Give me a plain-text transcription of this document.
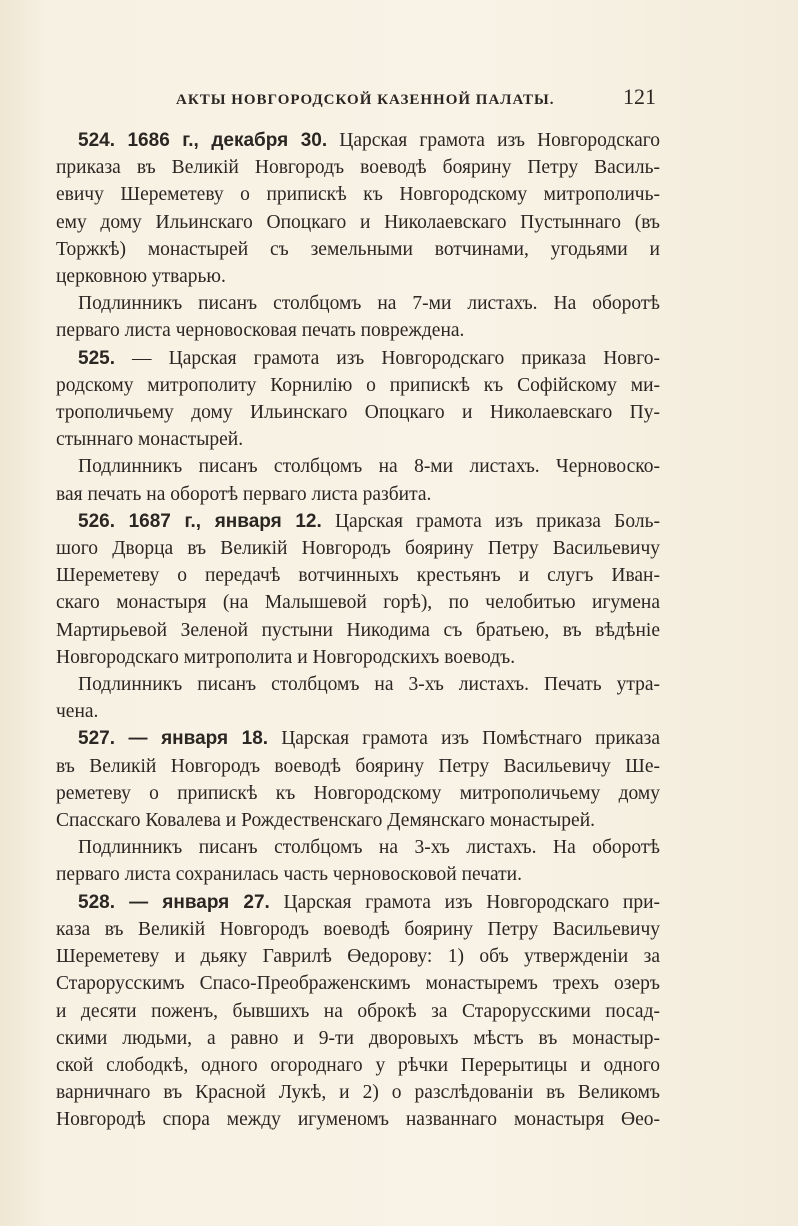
АКТЫ НОВГОРОДСКОЙ КАЗЕННОЙ ПАЛАТЫ.	121
524. 1686 г., декабря 30. Царская грамота изъ Новгородскаго
приказа въ Великій Новгородъ воеводѣ боярину Петру Василь-
евичу Шереметеву о припискѣ къ Новгородскому митрополичь-
ему дому Ильинскаго Опоцкаго и Николаевскаго Пустыннаго (въ
Торжкѣ) монастырей съ земельными вотчинами, угодьями и
церковною утварью.
Подлинникъ писанъ столбцомъ на 7-ми листахъ. На оборотѣ
перваго листа черновосковая печать повреждена.
525. — Царская грамота изъ Новгородскаго приказа Новго-
родскому митрополиту Корнилію о припискѣ къ Софійскому ми-
трополичьему дому Ильинскаго Опоцкаго и Николаевскаго Пу-
стыннаго монастырей.
Подлинникъ писанъ столбцомъ на 8-ми листахъ. Черновоско-
вая печать на оборотѣ перваго листа разбита.
526. 1687 г., января 12. Царская грамота изъ приказа Боль-
шого Дворца въ Великій Новгородъ боярину Петру Васильевичу
Шереметеву о передачѣ вотчинныхъ крестьянъ и слугъ Иван-
скаго монастыря (на Малышевой горѣ), по челобитью игумена
Мартирьевой Зеленой пустыни Никодима съ братьею, въ вѣдѣніе
Новгородскаго митрополита и Новгородскихъ воеводъ.
Подлинникъ писанъ столбцомъ на 3-хъ листахъ. Печать утра-
чена.
527. — января 18. Царская грамота изъ Помѣстнаго приказа
въ Великій Новгородъ воеводѣ боярину Петру Васильевичу Ше-
реметеву о припискѣ къ Новгородскому митрополичьему дому
Спасскаго Ковалева и Рождественскаго Демянскаго монастырей.
Подлинникъ писанъ столбцомъ на 3-хъ листахъ. На оборотѣ
перваго листа сохранилась часть черновосковой печати.
528. — января 27. Царская грамота изъ Новгородскаго при-
каза въ Великій Новгородъ воеводѣ боярину Петру Васильевичу
Шереметеву и дьяку Гаврилѣ Өедорову: 1) объ утвержденіи за
Старорусскимъ Спасо-Преображенскимъ монастыремъ трехъ озеръ
и десяти поженъ, бывшихъ на оброкѣ за Старорусскими посад-
скими людьми, а равно и 9-ти дворовыхъ мѣстъ въ монастыр-
ской слободкѣ, одного огороднаго у рѣчки Перерытицы и одного
варничнаго въ Красной Лукѣ, и 2) о разслѣдованіи въ Великомъ
Новгородѣ спора между игуменомъ названнаго монастыря Өео-
